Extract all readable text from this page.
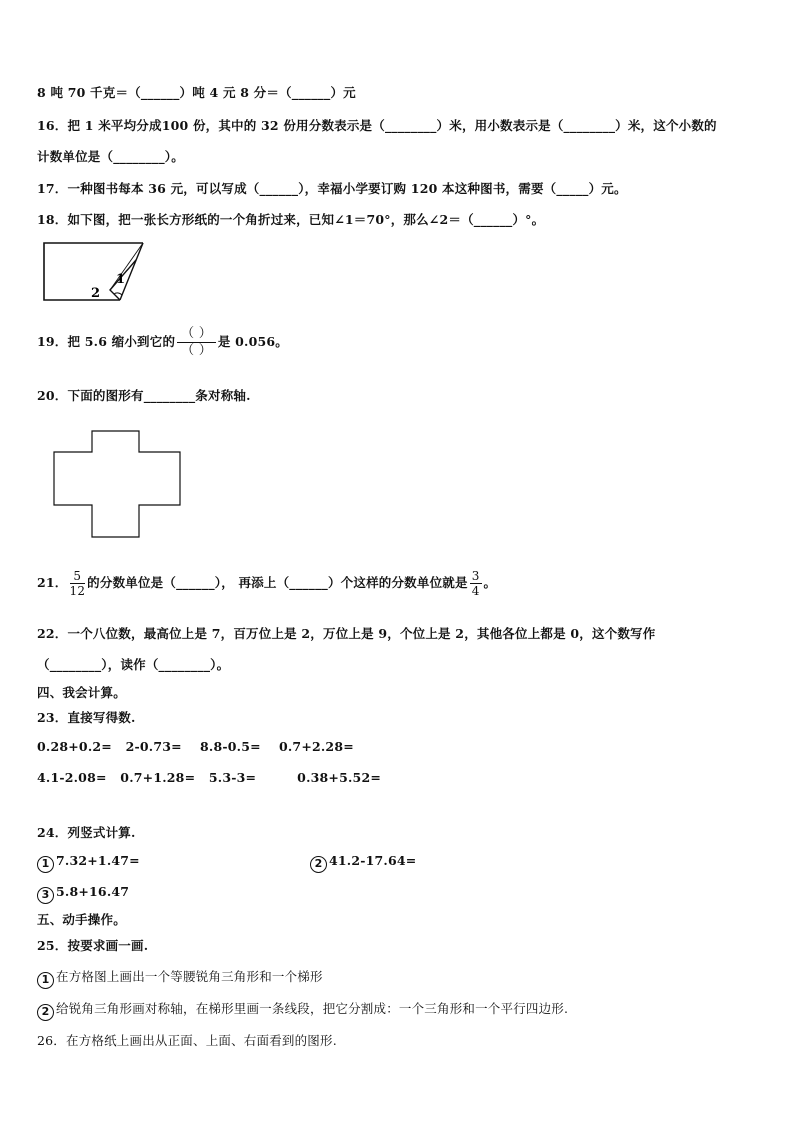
8 吨 70 千克＝（______）吨 4 元 8 分＝（______）元
16．把 1 米平均分成100 份，其中的 32 份用分数表示是（________）米，用小数表示是（________）米，这个小数的
计数单位是（________）。
17．一种图书每本 36 元，可以写成（______），幸福小学要订购 120 本这种图书，需要（_____）元。
18．如下图，把一张长方形纸的一个角折过来，已知∠1＝70°，那么∠2＝（______）°。
1
2
19．把 5.6 缩小到它的 $\frac{( )}{( )}$ 是 0.056。
20．下面的图形有________条对称轴.
21． $\frac{5}{12}$ 的分数单位是（______）， 再添上（______）个这样的分数单位就是 $\frac{3}{4}$ 。
22．一个八位数，最高位上是 7，百万位上是 2，万位上是 9，个位上是 2，其他各位上都是 0，这个数写作
（________），读作（________）。
四、我会计算。
23．直接写得数.
0.28+0.2=   2-0.73=    8.8-0.5=    0.7+2.28=
4.1-2.08=   0.7+1.28=   5.3-3=         0.38+5.52=
24．列竖式计算.
1 7.32+1.47=	2 41.2-17.64=
3 5.8+16.47
五、动手操作。
25．按要求画一画.
1 在方格图上画出一个等腰锐角三角形和一个梯形
2 给锐角三角形画对称轴，在梯形里画一条线段，把它分割成：一个三角形和一个平行四边形.
26．在方格纸上画出从正面、上面、右面看到的图形.
